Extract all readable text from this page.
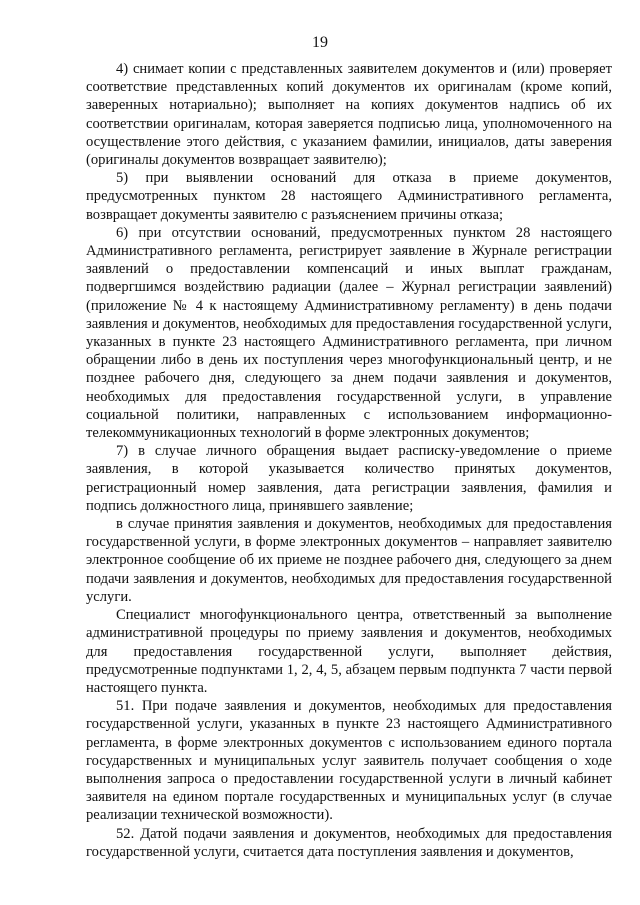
19

4) снимает копии с представленных заявителем документов и (или) проверяет соответствие представленных копий документов их оригиналам (кроме копий, заверенных нотариально); выполняет на копиях документов надпись об их соответствии оригиналам, которая заверяется подписью лица, уполномоченного на осуществление этого действия, с указанием фамилии, инициалов, даты заверения (оригиналы документов возвращает заявителю);

5) при выявлении оснований для отказа в приеме документов, предусмотренных пунктом 28 настоящего Административного регламента, возвращает документы заявителю с разъяснением причины отказа;

6) при отсутствии оснований, предусмотренных пунктом 28 настоящего Административного регламента, регистрирует заявление в Журнале регистрации заявлений о предоставлении компенсаций и иных выплат гражданам, подвергшимся воздействию радиации (далее – Журнал регистрации заявлений) (приложение № 4 к настоящему Административному регламенту) в день подачи заявления и документов, необходимых для предоставления государственной услуги, указанных в пункте 23 настоящего Административного регламента, при личном обращении либо в день их поступления через многофункциональный центр, и не позднее рабочего дня, следующего за днем подачи заявления и документов, необходимых для предоставления государственной услуги, в управление социальной политики, направленных с использованием информационно-телекоммуникационных технологий в форме электронных документов;

7) в случае личного обращения выдает расписку-уведомление о приеме заявления, в которой указывается количество принятых документов, регистрационный номер заявления, дата регистрации заявления, фамилия и подпись должностного лица, принявшего заявление;

в случае принятия заявления и документов, необходимых для предоставления государственной услуги, в форме электронных документов – направляет заявителю электронное сообщение об их приеме не позднее рабочего дня, следующего за днем подачи заявления и документов, необходимых для предоставления государственной услуги.

Специалист многофункционального центра, ответственный за выполнение административной процедуры по приему заявления и документов, необходимых для предоставления государственной услуги, выполняет действия, предусмотренные подпунктами 1, 2, 4, 5, абзацем первым подпункта 7 части первой настоящего пункта.

51. При подаче заявления и документов, необходимых для предоставления государственной услуги, указанных в пункте 23 настоящего Административного регламента, в форме электронных документов с использованием единого портала государственных и муниципальных услуг заявитель получает сообщения о ходе выполнения запроса о предоставлении государственной услуги в личный кабинет заявителя на едином портале государственных и муниципальных услуг (в случае реализации технической возможности).

52. Датой подачи заявления и документов, необходимых для предоставления государственной услуги, считается дата поступления заявления и документов,
